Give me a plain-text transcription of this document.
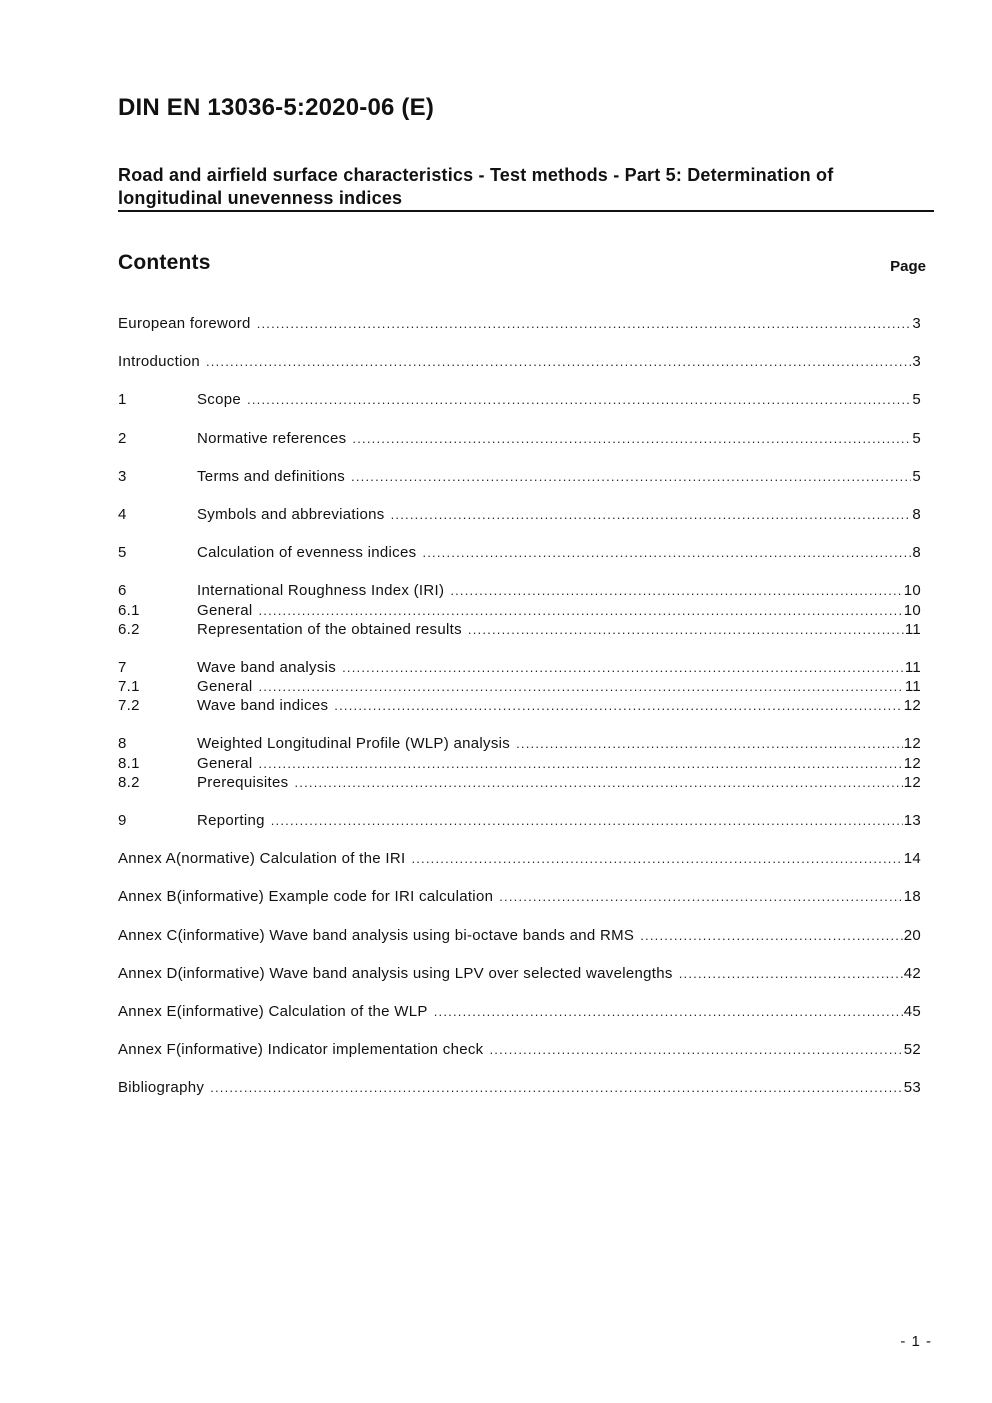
DIN EN 13036-5:2020-06 (E)
Road and airfield surface characteristics - Test methods - Part 5: Determination of longitudinal unevenness indices
Contents	Page
European foreword .....	3
Introduction .....	3
1	Scope .....	5
2	Normative references .....	5
3	Terms and definitions .....	5
4	Symbols and abbreviations .....	8
5	Calculation of evenness indices .....	8
6	International Roughness Index (IRI) .....	10
6.1	General .....	10
6.2	Representation of the obtained results .....	11
7	Wave band analysis .....	11
7.1	General .....	11
7.2	Wave band indices .....	12
8	Weighted Longitudinal Profile (WLP) analysis .....	12
8.1	General .....	12
8.2	Prerequisites .....	12
9	Reporting .....	13
Annex A(normative) Calculation of the IRI .....	14
Annex B(informative) Example code for IRI calculation .....	18
Annex C(informative) Wave band analysis using bi-octave bands and RMS .....	20
Annex D(informative) Wave band analysis using LPV over selected wavelengths .....	42
Annex E(informative) Calculation of the WLP .....	45
Annex F(informative) Indicator implementation check .....	52
Bibliography .....	53
- 1 -
